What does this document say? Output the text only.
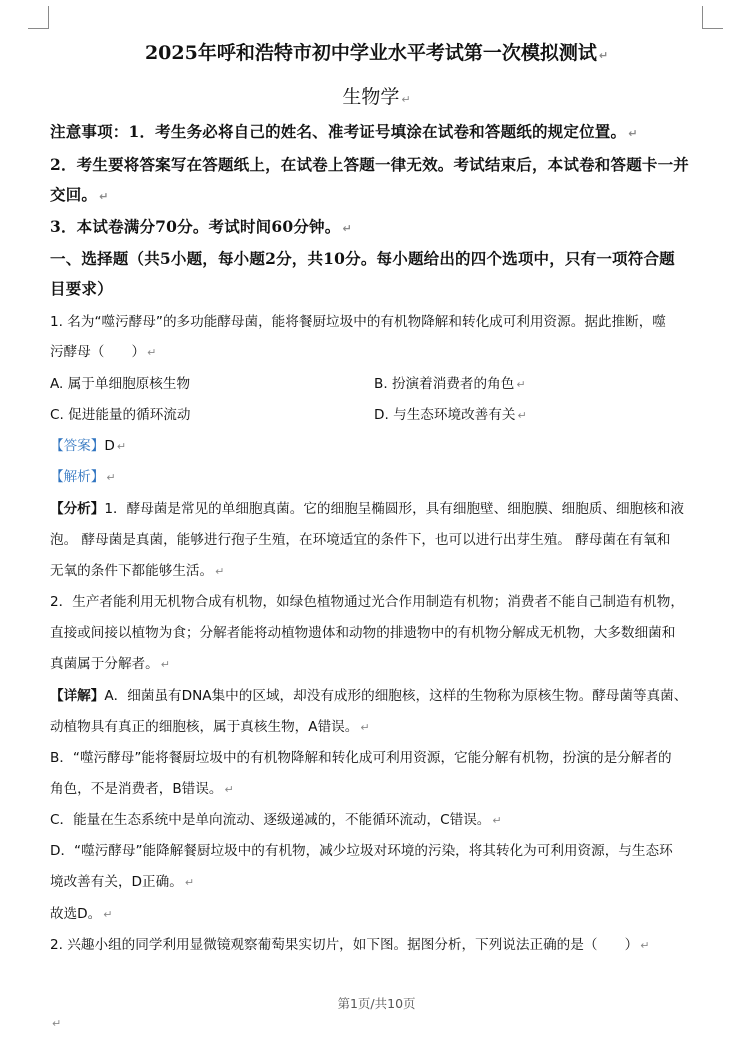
2025年呼和浩特市初中学业水平考试第一次模拟测试 ↵
生物学 ↵
注意事项：1．考生务必将自己的姓名、准考证号填涂在试卷和答题纸的规定位置。 ↵
2．考生要将答案写在答题纸上，在试卷上答题一律无效。考试结束后，本试卷和答题卡一并
交回。 ↵
3．本试卷满分70分。考试时间60分钟。 ↵
一、选择题（共5小题，每小题2分，共10分。每小题给出的四个选项中，只有一项符合题
目要求）
1. 名为“噬污酵母”的多功能酵母菌，能将餐厨垃圾中的有机物降解和转化成可利用资源。据此推断，噬
污酵母（　　） ↵
A. 属于单细胞原核生物	B. 扮演着消费者的角色 ↵
C. 促进能量的循环流动	D. 与生态环境改善有关 ↵
【答案】D ↵
【解析】 ↵
【分析】1．酵母菌是常见的单细胞真菌。它的细胞呈椭圆形，具有细胞壁、细胞膜、细胞质、细胞核和液
泡。 酵母菌是真菌，能够进行孢子生殖，在环境适宜的条件下，也可以进行出芽生殖。 酵母菌在有氧和
无氧的条件下都能够生活。 ↵
2．生产者能利用无机物合成有机物，如绿色植物通过光合作用制造有机物；消费者不能自己制造有机物，
直接或间接以植物为食；分解者能将动植物遗体和动物的排遗物中的有机物分解成无机物，大多数细菌和
真菌属于分解者。 ↵
【详解】A．细菌虽有DNA集中的区域，却没有成形的细胞核，这样的生物称为原核生物。酵母菌等真菌、
动植物具有真正的细胞核，属于真核生物，A错误。 ↵
B．“噬污酵母”能将餐厨垃圾中的有机物降解和转化成可利用资源，它能分解有机物，扮演的是分解者的
角色，不是消费者，B错误。 ↵
C．能量在生态系统中是单向流动、逐级递减的，不能循环流动，C错误。 ↵
D．“噬污酵母”能降解餐厨垃圾中的有机物，减少垃圾对环境的污染，将其转化为可利用资源，与生态环
境改善有关，D正确。 ↵
故选D。 ↵
2. 兴趣小组的同学利用显微镜观察葡萄果实切片，如下图。据图分析，下列说法正确的是（　　） ↵
第1页/共10页
↵
